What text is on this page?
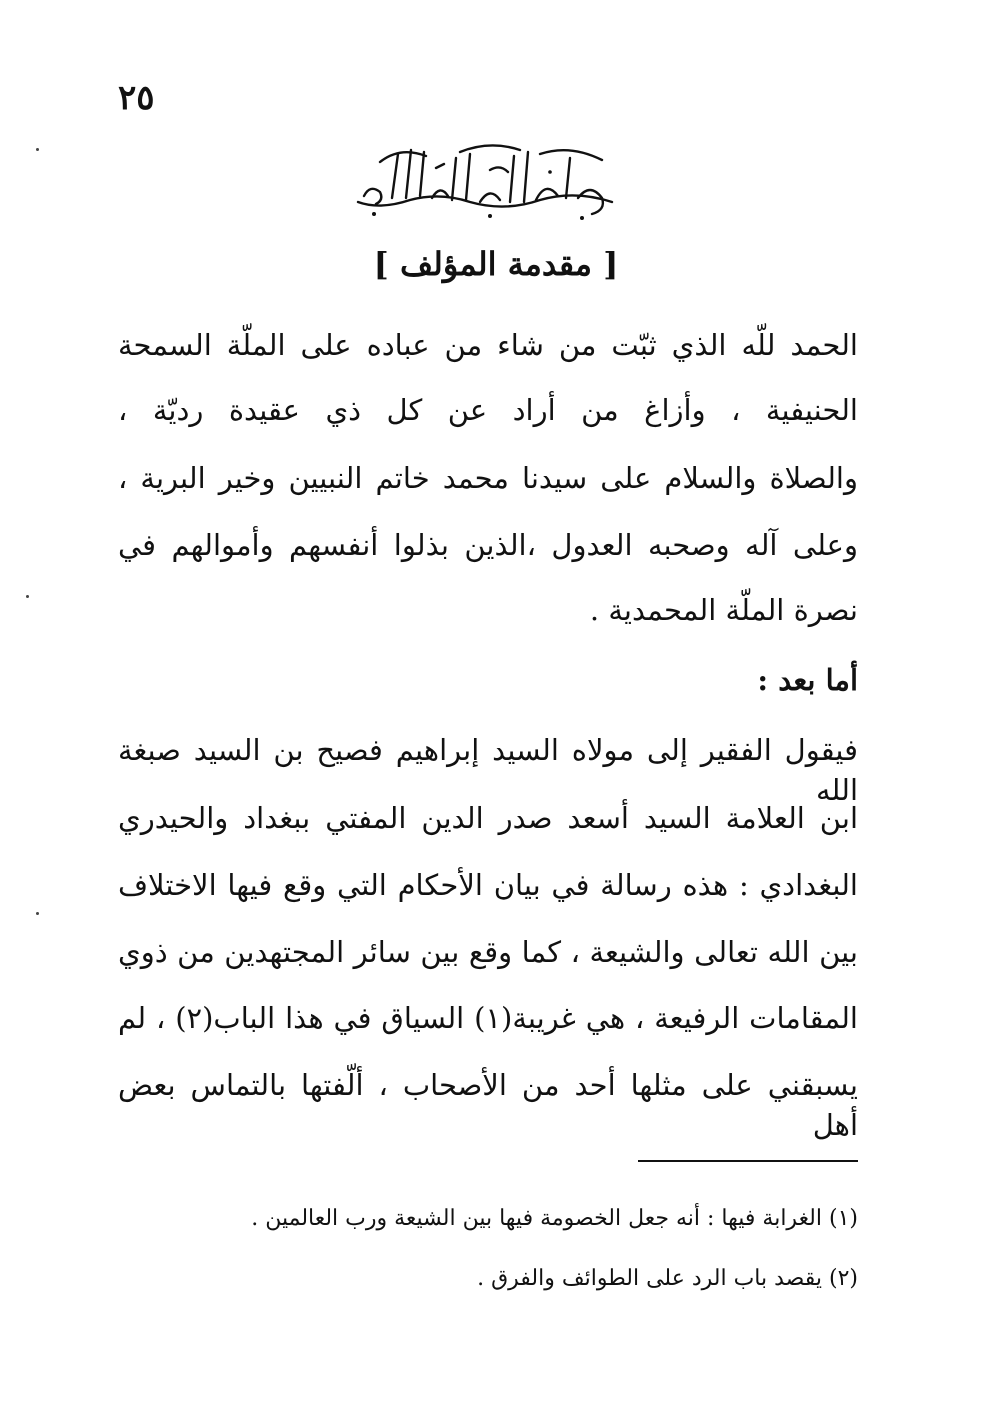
٢٥
[ مقدمة المؤلف ]
الحمد للّه الذي ثبّت من شاء من عباده على الملّة السمحة
الحنيفية ، وأزاغ من أراد عن كل ذي عقيدة رديّة ،
والصلاة والسلام على سيدنا محمد خاتم النبيين وخير البرية ،
وعلى آله وصحبه العدول ،الذين بذلوا أنفسهم وأموالهم في
نصرة الملّة المحمدية .
أما بعد :
فيقول الفقير إلى مولاه السيد إبراهيم فصيح بن السيد صبغة الله
ابن العلامة السيد أسعد صدر الدين المفتي ببغداد والحيدري
البغدادي : هذه رسالة في بيان الأحكام التي وقع فيها الاختلاف
بين الله تعالى والشيعة ، كما وقع بين سائر المجتهدين من ذوي
المقامات الرفيعة ، هي غريبة(١) السياق في هذا الباب(٢) ، لم
يسبقني على مثلها أحد من الأصحاب ، ألّفتها بالتماس بعض أهل
(١) الغرابة فيها : أنه جعل الخصومة فيها بين الشيعة ورب العالمين .
(٢) يقصد باب الرد على الطوائف والفرق .
